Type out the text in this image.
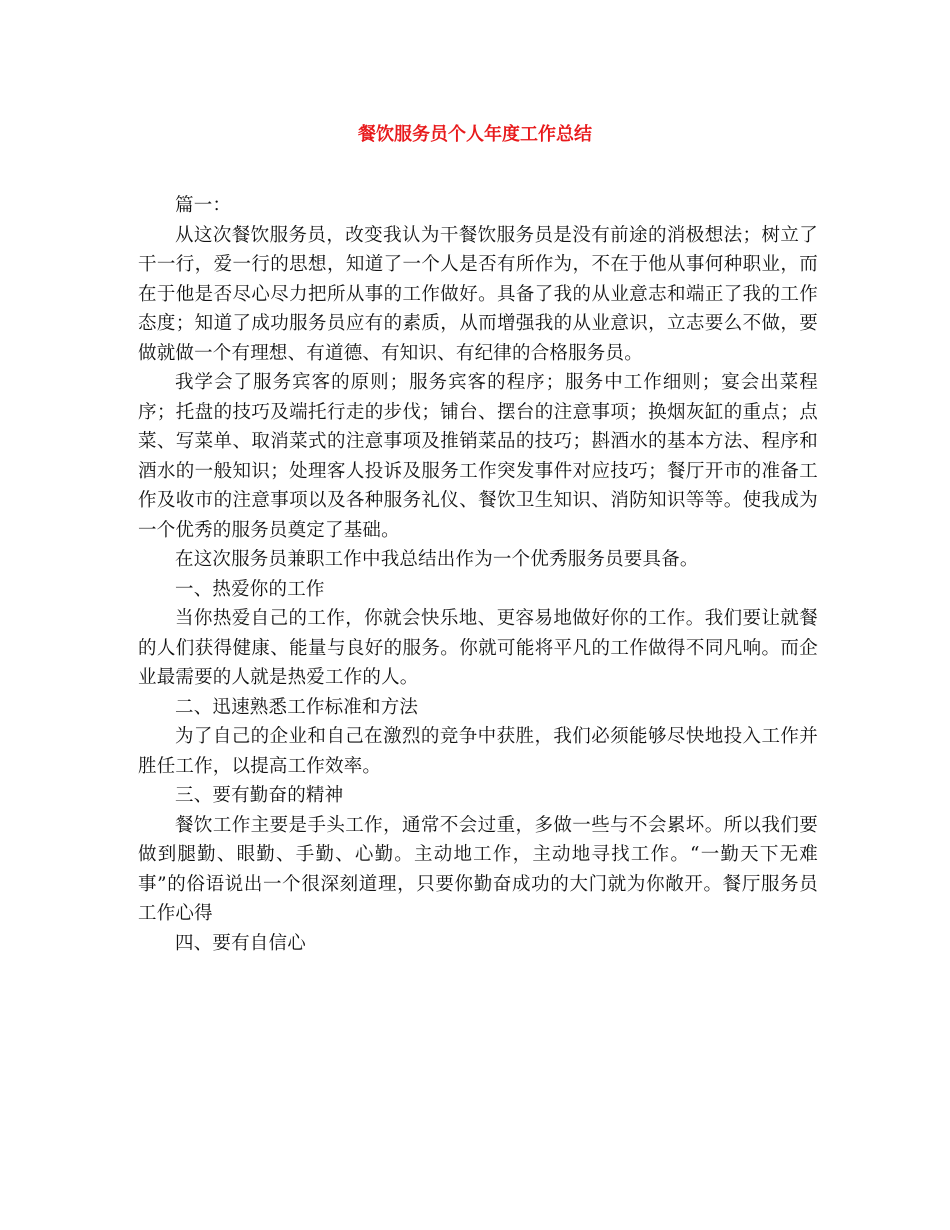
餐饮服务员个人年度工作总结

篇一：

从这次餐饮服务员，改变我认为干餐饮服务员是没有前途的消极想法；树立了干一行，爱一行的思想，知道了一个人是否有所作为，不在于他从事何种职业，而在于他是否尽心尽力把所从事的工作做好。具备了我的从业意志和端正了我的工作态度；知道了成功服务员应有的素质，从而增强我的从业意识，立志要么不做，要做就做一个有理想、有道德、有知识、有纪律的合格服务员。

我学会了服务宾客的原则；服务宾客的程序；服务中工作细则；宴会出菜程序；托盘的技巧及端托行走的步伐；铺台、摆台的注意事项；换烟灰缸的重点；点菜、写菜单、取消菜式的注意事项及推销菜品的技巧；斟酒水的基本方法、程序和酒水的一般知识；处理客人投诉及服务工作突发事件对应技巧；餐厅开市的准备工作及收市的注意事项以及各种服务礼仪、餐饮卫生知识、消防知识等等。使我成为一个优秀的服务员奠定了基础。

在这次服务员兼职工作中我总结出作为一个优秀服务员要具备。

一、热爱你的工作

当你热爱自己的工作，你就会快乐地、更容易地做好你的工作。我们要让就餐的人们获得健康、能量与良好的服务。你就可能将平凡的工作做得不同凡响。而企业最需要的人就是热爱工作的人。

二、迅速熟悉工作标准和方法

为了自己的企业和自己在激烈的竞争中获胜，我们必须能够尽快地投入工作并胜任工作，以提高工作效率。

三、要有勤奋的精神

餐饮工作主要是手头工作，通常不会过重，多做一些与不会累坏。所以我们要做到腿勤、眼勤、手勤、心勤。主动地工作，主动地寻找工作。“一勤天下无难事”的俗语说出一个很深刻道理，只要你勤奋成功的大门就为你敞开。餐厅服务员工作心得

四、要有自信心
